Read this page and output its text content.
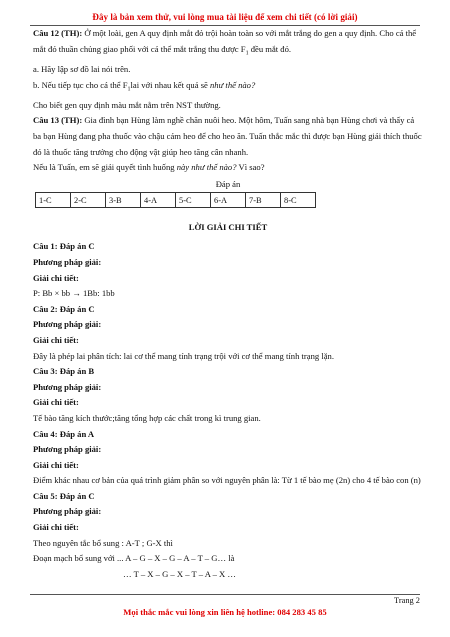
Đây là bản xem thử, vui lòng mua tài liệu để xem chi tiết (có lời giải)

Câu 12 (TH): Ở một loài, gen A quy định mắt đỏ trội hoàn toàn so với mắt trắng do gen a quy định. Cho cá thể mắt đỏ thuần chủng giao phối với cá thể mắt trắng thu được $F_1$ đều mắt đỏ.

a. Hãy lập sơ đồ lai nói trên.

b. Nếu tiếp tục cho cá thể $F_1lai$ với nhau kết quả sẽ như thế nào?

Cho biết gen quy định màu mắt nằm trên NST thường.

Câu 13 (TH): Gia đình bạn Hùng làm nghề chăn nuôi heo. Một hôm, Tuấn sang nhà bạn Hùng chơi và thấy cả ba bạn Hùng đang pha thuốc vào chậu cám heo để cho heo ăn. Tuấn thắc mắc thì được bạn Hùng giải thích thuốc đó là thuốc tăng trưởng cho động vật giúp heo tăng cân nhanh.

Nếu là Tuấn, em sẽ giải quyết tình huống này như thế nào? Vì sao?

Đáp án

1-C	2-C	3-B	4-A	5-C	6-A	7-B	8-C
LỜI GIẢI CHI TIẾT

Câu 1: Đáp án C

Phương pháp giải:

Giải chi tiết:

P: Bb × bb → 1Bb: 1bb

Câu 2: Đáp án C

Phương pháp giải:

Giải chi tiết:

Đây là phép lai phân tích: lai cơ thể mang tính trạng trội với cơ thể mang tính trạng lặn.

Câu 3: Đáp án B

Phương pháp giải:

Giải chi tiết:

Tế bào tăng kích thước;tăng tổng hợp các chất trong kì trung gian.

Câu 4: Đáp án A

Phương pháp giải:

Giải chi tiết:

Điểm khác nhau cơ bản của quá trình giảm phân so với nguyên phân là: Từ 1 tế bào mẹ (2n) cho 4 tế bào con (n)

Câu 5: Đáp án C

Phương pháp giải:

Giải chi tiết:

Theo nguyên tắc bổ sung : A-T ; G-X thì

Đoạn mạch bổ sung với ... A – G – X – G – A – T – G… là

… T – X – G – X – T – A – X …

Trang 2
Mọi thắc mắc vui lòng xin liên hệ hotline: 084 283 45 85
